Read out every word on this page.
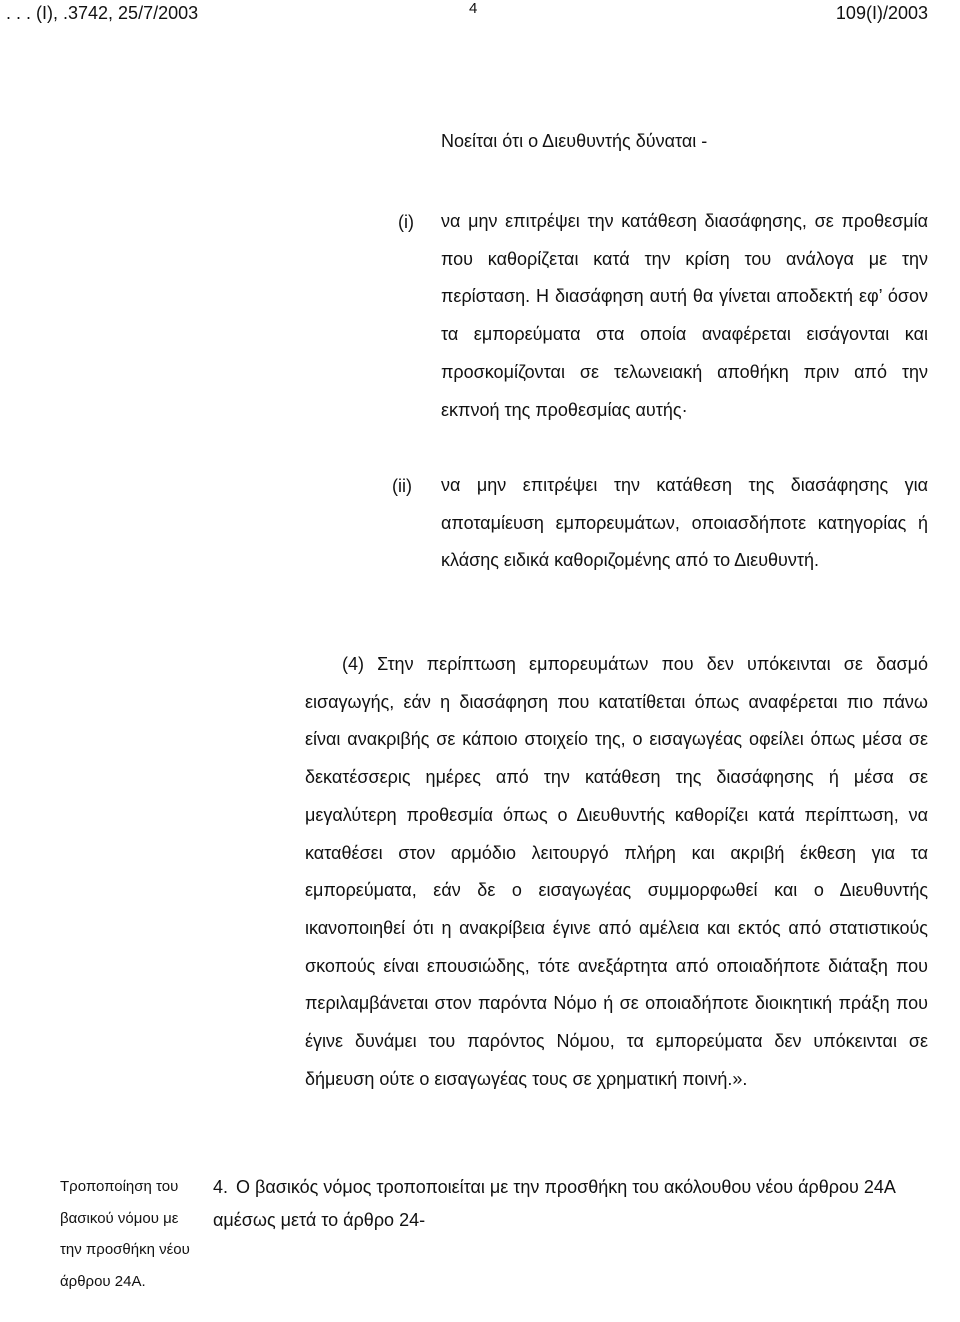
. . . (I), .3742, 25/7/2003	4	109(I)/2003
Νοείται ότι ο Διευθυντής δύναται -
(i) να μην επιτρέψει την κατάθεση διασάφησης, σε προθεσμία που καθορίζεται κατά την κρίση του ανάλογα με την περίσταση. Η διασάφηση αυτή θα γίνεται αποδεκτή εφ’ όσον τα εμπορεύματα στα οποία αναφέρεται εισάγονται και προσκομίζονται σε τελωνειακή αποθήκη πριν από την εκπνοή της προθεσμίας αυτής·
(ii) να μην επιτρέψει την κατάθεση της διασάφησης για αποταμίευση εμπορευμάτων, οποιασδήποτε κατηγορίας ή κλάσης ειδικά καθοριζομένης από το Διευθυντή.
(4) Στην περίπτωση εμπορευμάτων που δεν υπόκεινται σε δασμό εισαγωγής, εάν η διασάφηση που κατατίθεται όπως αναφέρεται πιο πάνω είναι ανακριβής σε κάποιο στοιχείο της, ο εισαγωγέας οφείλει όπως μέσα σε δεκατέσσερις ημέρες από την κατάθεση της διασάφησης ή μέσα σε μεγαλύτερη προθεσμία όπως ο Διευθυντής καθορίζει κατά περίπτωση, να καταθέσει στον αρμόδιο λειτουργό πλήρη και ακριβή έκθεση για τα εμπορεύματα, εάν δε ο εισαγωγέας συμμορφωθεί και ο Διευθυντής ικανοποιηθεί ότι η ανακρίβεια έγινε από αμέλεια και εκτός από στατιστικούς σκοπούς είναι επουσιώδης, τότε ανεξάρτητα από οποιαδήποτε διάταξη που περιλαμβάνεται στον παρόντα Νόμο ή σε οποιαδήποτε διοικητική πράξη που έγινε δυνάμει του παρόντος Νόμου, τα εμπορεύματα δεν υπόκεινται σε δήμευση ούτε ο εισαγωγέας τους σε χρηματική ποινή.».
4. Ο βασικός νόμος τροποποιείται με την προσθήκη του ακόλουθου νέου άρθρου 24Α αμέσως μετά το άρθρο 24-
Τροποποίηση του βασικού νόμου με την προσθήκη νέου άρθρου 24Α.
